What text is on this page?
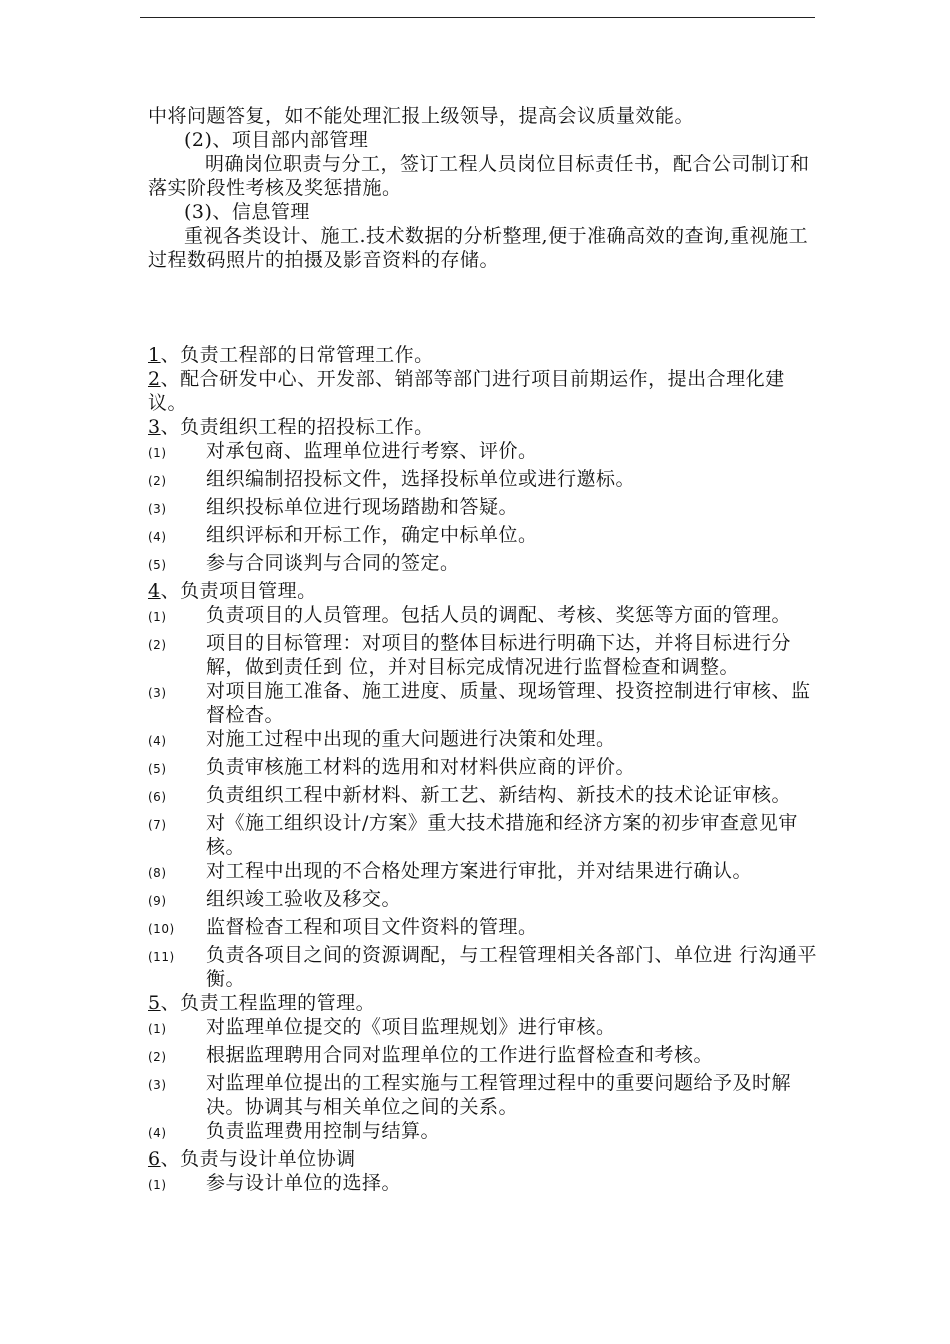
中将问题答复，如不能处理汇报上级领导，提高会议质量效能。

(2)、项目部内部管理

明确岗位职责与分工，签订工程人员岗位目标责任书，配合公司制订和落实阶段性考核及奖惩措施。

(3)、信息管理

重视各类设计、施工.技术数据的分析整理,便于准确高效的查询,重视施工过程数码照片的拍摄及影音资料的存储。

1、负责工程部的日常管理工作。

2、配合研发中心、开发部、销部等部门进行项目前期运作，提出合理化建议。

3、负责组织工程的招投标工作。

(1)	对承包商、监理单位进行考察、评价。
(2)	组织编制招投标文件，选择投标单位或进行邀标。
(3)	组织投标单位进行现场踏勘和答疑。
(4)	组织评标和开标工作，确定中标单位。
(5)	参与合同谈判与合同的签定。

4、负责项目管理。

(1)	负责项目的人员管理。包括人员的调配、考核、奖惩等方面的管理。
(2)	项目的目标管理：对项目的整体目标进行明确下达，并将目标进行分解，做到责任到 位，并对目标完成情况进行监督检查和调整。
(3)	对项目施工准备、施工进度、质量、现场管理、投资控制进行审核、监督检杳。
(4)	对施工过程中出现的重大问题进行决策和处理。
(5)	负责审核施工材料的选用和对材料供应商的评价。
(6)	负责组织工程中新材料、新工艺、新结构、新技术的技术论证审核。
(7)	对《施工组织设计/方案》重大技术措施和经济方案的初步审查意见审核。
(8)	对工程中出现的不合格处理方案进行审批，并对结果进行确认。
(9)	组织竣工验收及移交。
(10)	监督检杳工程和项目文件资料的管理。
(11)	负责各项目之间的资源调配，与工程管理相关各部门、单位进 行沟通平衡。

5、负责工程监理的管理。

(1)	对监理单位提交的《项目监理规划》进行审核。
(2)	根据监理聘用合同对监理单位的工作进行监督检查和考核。
(3)	对监理单位提出的工程实施与工程管理过程中的重要问题给予及时解决。协调其与相关单位之间的关系。
(4)	负责监理费用控制与结算。

6、负责与设计单位协调

(1)	参与设计单位的选择。
